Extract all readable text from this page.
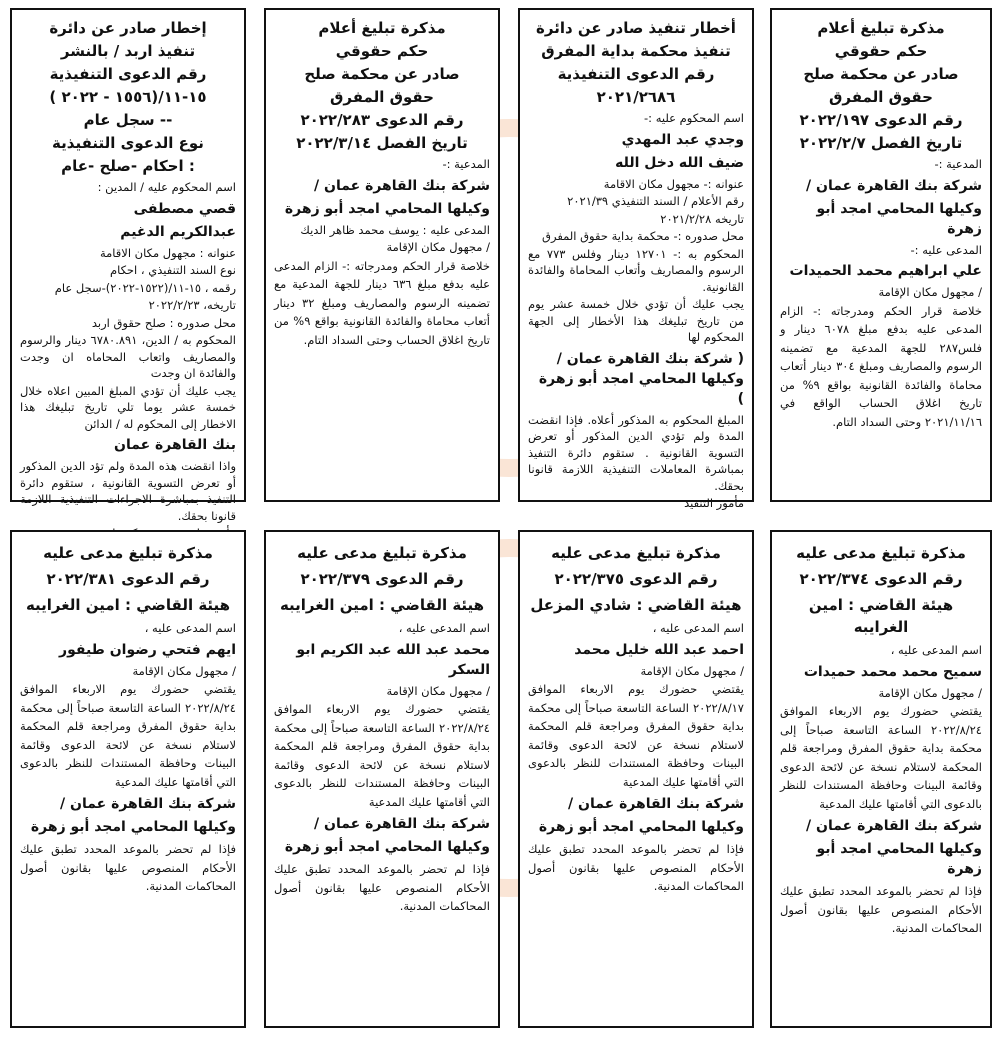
مذكرة تبليغ أعلام
حكم حقوقي
صادر عن محكمة صلح
حقوق المفرق
رقم الدعوى ٢٠٢٢/١٩٧
تاريخ الفصل ٢٠٢٢/٢/٧
المدعية :-
شركة بنك القاهرة عمان /
وكيلها المحامي امجد أبو زهرة
المدعى عليه :-
علي ابراهيم محمد الحميدات
/ مجهول مكان الإقامة
خلاصة قرار الحكم ومدرجاته :- الزام المدعى عليه بدفع مبلغ ٦٠٧٨ دينار و فلس٢٨٧ للجهة المدعية مع تضمينه الرسوم والمصاريف ومبلغ ٣٠٤ دينار أتعاب محاماة والفائدة القانونية بواقع ٩% من تاريخ اغلاق الحساب الواقع في ٢٠٢١/١١/١٦ وحتى السداد التام.
أخطار تنفيذ صادر عن دائرة
تنفيذ محكمة بداية المفرق
رقم الدعوى التنفيذية
٢٠٢١/٢٦٨٦
اسم المحكوم عليه :-
وجدي عبد المهدي
ضيف الله دخل الله
عنوانه :- مجهول مكان الاقامة
رقم الأعلام / السند التنفيذي ٢٠٢١/٣٩
تاريخه ٢٠٢١/٢/٢٨
محل صدوره :- محكمة بداية حقوق المفرق
المحكوم به :- ١٢٧٠١ دينار وفلس ٧٧٣ مع الرسوم والمصاريف وأتعاب المحاماة والفائدة القانونية.
يجب عليك أن تؤدي خلال خمسة عشر يوم من تاريخ تبليغك هذا الأخطار إلى الجهة المحكوم لها
( شركة بنك القاهرة عمان / وكيلها المحامي امجد أبو زهرة )
المبلغ المحكوم به المذكور أعلاه. فإذا انقضت المدة ولم تؤدي الدين المذكور أو تعرض التسوية القانونية . ستقوم دائرة التنفيذ بمباشرة المعاملات التنفيذية اللازمة قانونا بحقك.
مأمور التنفيذ
مذكرة تبليغ أعلام
حكم حقوقي
صادر عن محكمة صلح
حقوق المفرق
رقم الدعوى ٢٠٢٢/٢٨٣
تاريخ الفصل ٢٠٢٢/٣/١٤
المدعية :-
شركة بنك القاهرة عمان /
وكيلها المحامي امجد أبو زهرة
المدعى عليه : يوسف محمد ظاهر الديك
/ مجهول مكان الإقامة
خلاصة قرار الحكم ومدرجاته :- الزام المدعى عليه بدفع مبلغ ٦٣٦ دينار للجهة المدعية مع تضمينه الرسوم والمصاريف ومبلغ ٣٢ دينار أتعاب محاماة والفائدة القانونية بواقع ٩% من تاريخ اغلاق الحساب وحتى السداد التام.
إخطار صادر عن دائرة
تنفيذ اربد / بالنشر
رقم الدعوى التنفيذية
١٥-١١/(١٥٥٦ - ٢٠٢٢ )
-- سجل عام
نوع الدعوى التنفيذية
: احكام -صلح -عام
اسم المحكوم عليه / المدين :
قصي مصطفى
عبدالكريم الدغيم
عنوانه : مجهول مكان الاقامة
نوع السند التنفيذي ، احكام
رقمه ، ١٥-١١/(١٥٢٢-٢٠٢٢)-سجل عام
تاريخه، ٢٠٢٢/٢/٢٣
محل صدوره : صلح حقوق اربد
المحكوم به / الدين، ٦٧٨٠.٨٩١ دينار والرسوم والمصاريف واتعاب المحاماه ان وجدت والفائدة ان وجدت
يجب عليك أن تؤدي المبلغ المبين اعلاه خلال خمسة عشر يوما تلي تاريخ تبليغك هذا الاخطار إلى المحكوم له / الدائن
بنك القاهرة عمان
واذا انقضت هذه المدة ولم تؤد الدين المذكور أو تعرض التسوية القانونية ، ستقوم دائرة التنفيذ بمباشرة الاجراءات التنفيذية اللازمة قانونا بحقك.
مذكرة تبليغ مدعى عليه
رقم الدعوى ٢٠٢٢/٣٧٤
هيئة القاضي : امين الغرايبه
اسم المدعى عليه ،
سميح محمد محمد حميدات
/ مجهول مكان الإقامة
يقتضي حضورك يوم الاربعاء الموافق ٢٠٢٢/٨/٢٤ الساعة التاسعة صباحاً إلى محكمة بداية حقوق المفرق ومراجعة قلم المحكمة لاستلام نسخة عن لائحة الدعوى وقائمة البينات وحافظة المستندات للنظر بالدعوى التي أقامتها عليك المدعية
شركة بنك القاهرة عمان /
وكيلها المحامي امجد أبو زهرة
فإذا لم تحضر بالموعد المحدد تطبق عليك الأحكام المنصوص عليها بقانون أصول المحاكمات المدنية.
مذكرة تبليغ مدعى عليه
رقم الدعوى ٢٠٢٢/٣٧٥
هيئة القاضي : شادي المزعل
اسم المدعى عليه ،
احمد عبد الله خليل محمد
/ مجهول مكان الإقامة
يقتضي حضورك يوم الاربعاء الموافق ٢٠٢٢/٨/١٧ الساعة التاسعة صباحاً إلى محكمة بداية حقوق المفرق ومراجعة قلم المحكمة لاستلام نسخة عن لائحة الدعوى وقائمة البينات وحافظة المستندات للنظر بالدعوى التي أقامتها عليك المدعية
شركة بنك القاهرة عمان /
وكيلها المحامي امجد أبو زهرة
فإذا لم تحضر بالموعد المحدد تطبق عليك الأحكام المنصوص عليها بقانون أصول المحاكمات المدنية.
مذكرة تبليغ مدعى عليه
رقم الدعوى ٢٠٢٢/٣٧٩
هيئة القاضي : امين الغرايبه
اسم المدعى عليه ،
محمد عبد الله عبد الكريم ابو السكر
/ مجهول مكان الإقامة
يقتضي حضورك يوم الاربعاء الموافق ٢٠٢٢/٨/٢٤ الساعة التاسعة صباحاً إلى محكمة بداية حقوق المفرق ومراجعة قلم المحكمة لاستلام نسخة عن لائحة الدعوى وقائمة البينات وحافظة المستندات للنظر بالدعوى التي أقامتها عليك المدعية
شركة بنك القاهرة عمان /
وكيلها المحامي امجد أبو زهرة
فإذا لم تحضر بالموعد المحدد تطبق عليك الأحكام المنصوص عليها بقانون أصول المحاكمات المدنية.
مذكرة تبليغ مدعى عليه
رقم الدعوى ٢٠٢٢/٣٨١
هيئة القاضي : امين الغرايبه
اسم المدعى عليه ،
ايهم فتحي رضوان طيفور
/ مجهول مكان الإقامة
يقتضي حضورك يوم الاربعاء الموافق ٢٠٢٢/٨/٢٤ الساعة التاسعة صباحاً إلى محكمة بداية حقوق المفرق ومراجعة قلم المحكمة لاستلام نسخة عن لائحة الدعوى وقائمة البينات وحافظة المستندات للنظر بالدعوى التي أقامتها عليك المدعية
شركة بنك القاهرة عمان /
وكيلها المحامي امجد أبو زهرة
فإذا لم تحضر بالموعد المحدد تطبق عليك الأحكام المنصوص عليها بقانون أصول المحاكمات المدنية.
